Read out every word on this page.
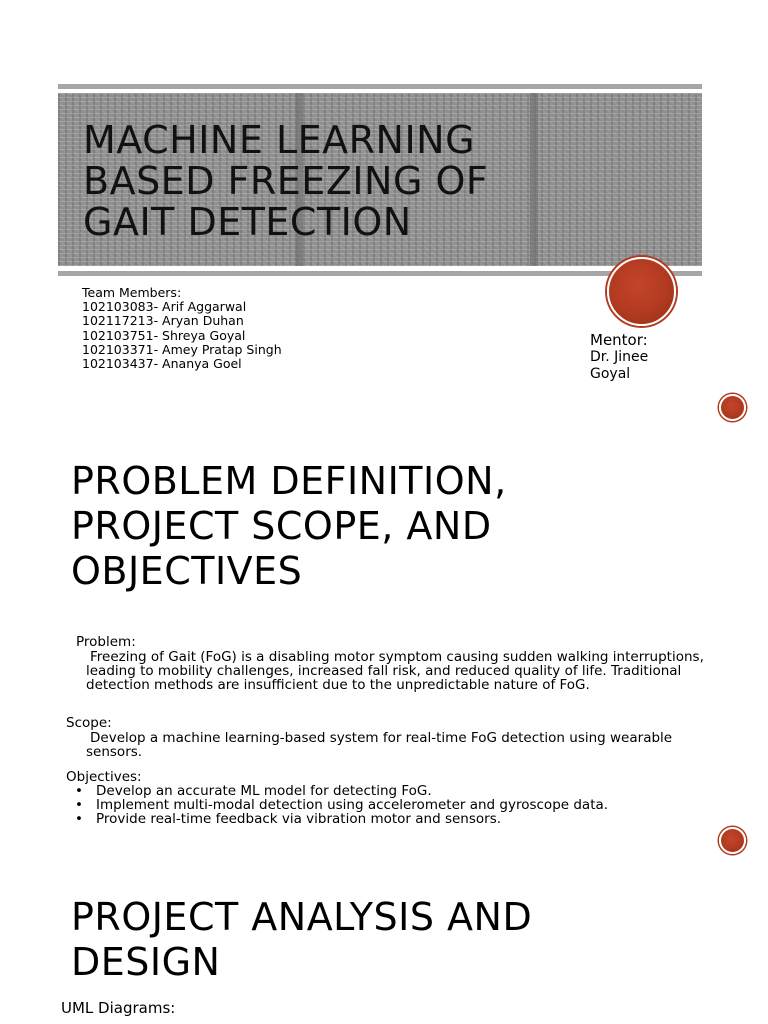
MACHINE LEARNING
BASED FREEZING OF
GAIT DETECTION
Team Members:
102103083- Arif Aggarwal
102117213- Aryan Duhan
102103751- Shreya Goyal
102103371- Amey Pratap Singh
102103437- Ananya Goel
Mentor:
Dr. Jinee Goyal
PROBLEM DEFINITION,
PROJECT SCOPE, AND
OBJECTIVES
Problem:
Freezing of Gait (FoG) is a disabling motor symptom causing sudden walking interruptions, leading to mobility challenges, increased fall risk, and reduced quality of life. Traditional detection methods are insufficient due to the unpredictable nature of FoG.
Scope:
Develop a machine learning-based system for real-time FoG detection using wearable sensors.
Objectives:
• Develop an accurate ML model for detecting FoG.
• Implement multi-modal detection using accelerometer and gyroscope data.
• Provide real-time feedback via vibration motor and sensors.
PROJECT ANALYSIS AND
DESIGN
UML Diagrams:
